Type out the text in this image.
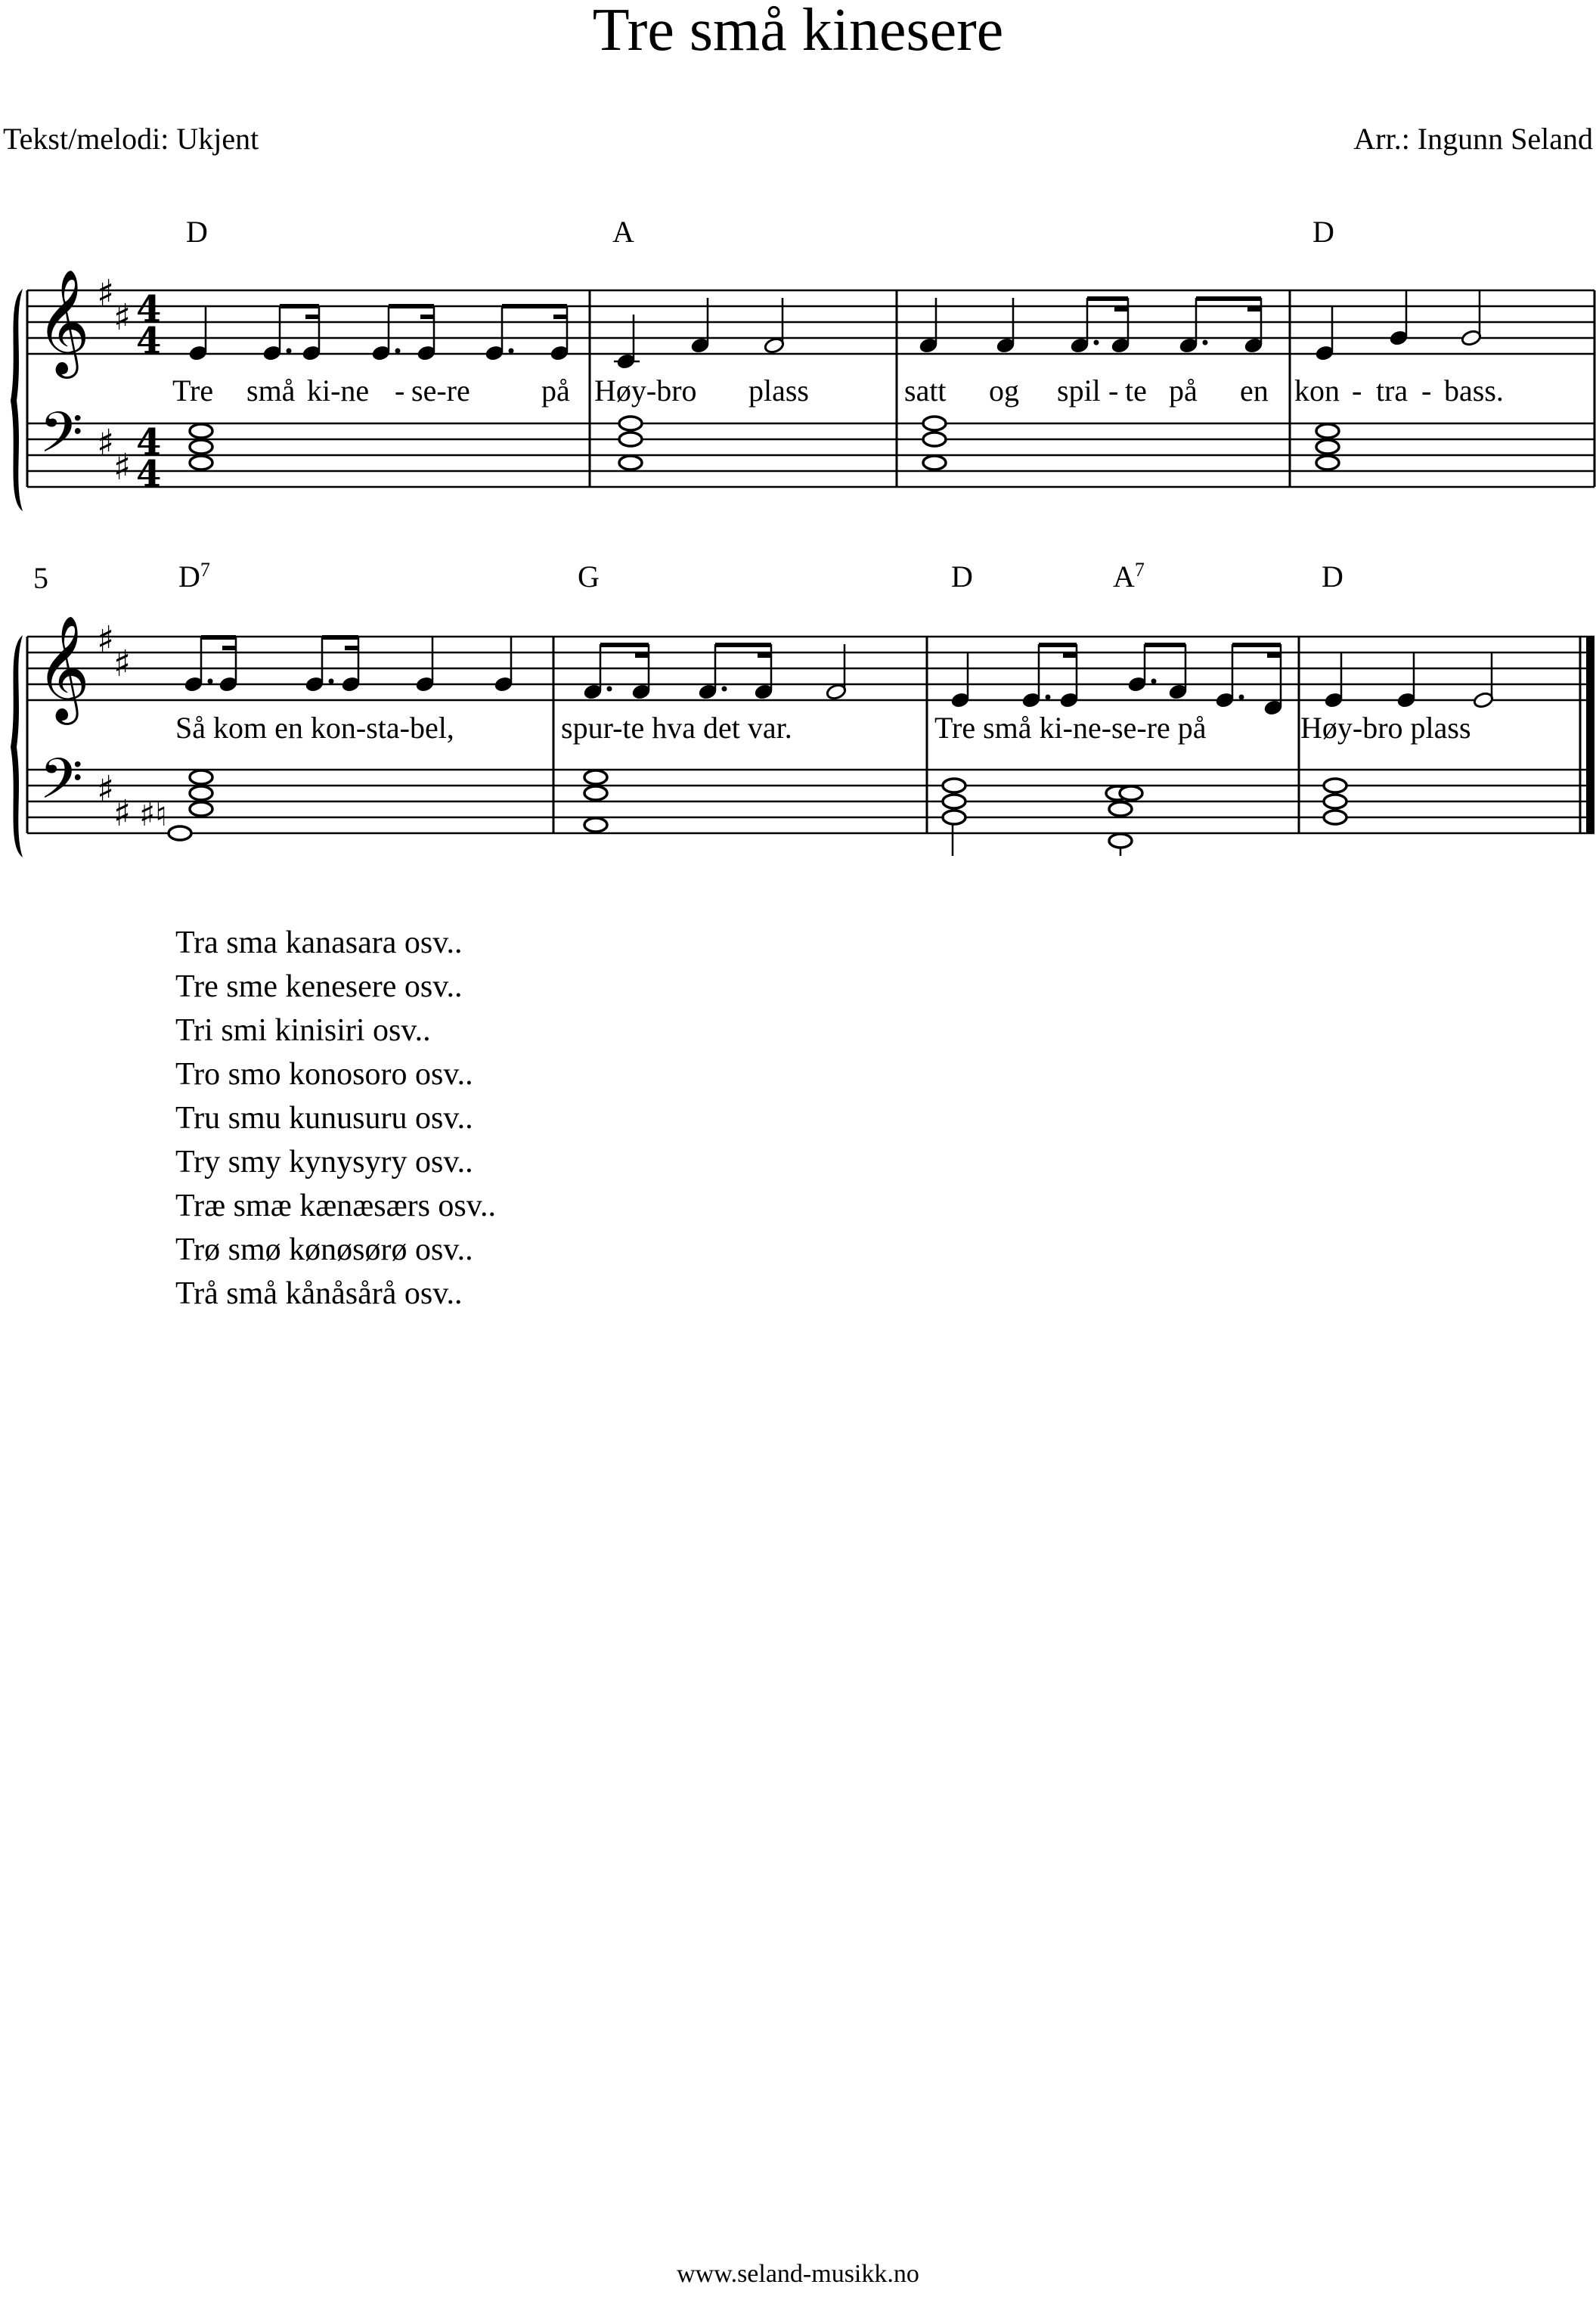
Tre små kinesere
Tekst/melodi: Ukjent	Arr.: Ingunn Seland
𝄞
𝄢
♯
♯
♯
♯
4
4
4
4
D	A	D
Tre små ki-ne - se-re på Høy-bro plass	satt og spil - te på en kon - tra - bass.
5
𝄞
𝄢
♯
♯
♯
♯
$D^7$	G	D	$A^7$	D
♯♮
Så kom en kon-sta-bel,	spur-te hva det var.	Tre små ki-ne-se-re på	Høy-bro plass
Tra sma kanasara osv..
Tre sme kenesere osv..
Tri smi kinisiri osv..
Tro smo konosoro osv..
Tru smu kunusuru osv..
Try smy kynysyry osv..
Træ smæ kænæsærs osv..
Trø smø kønøsørø osv..
Trå små kånåsårå osv..
www.seland-musikk.no
